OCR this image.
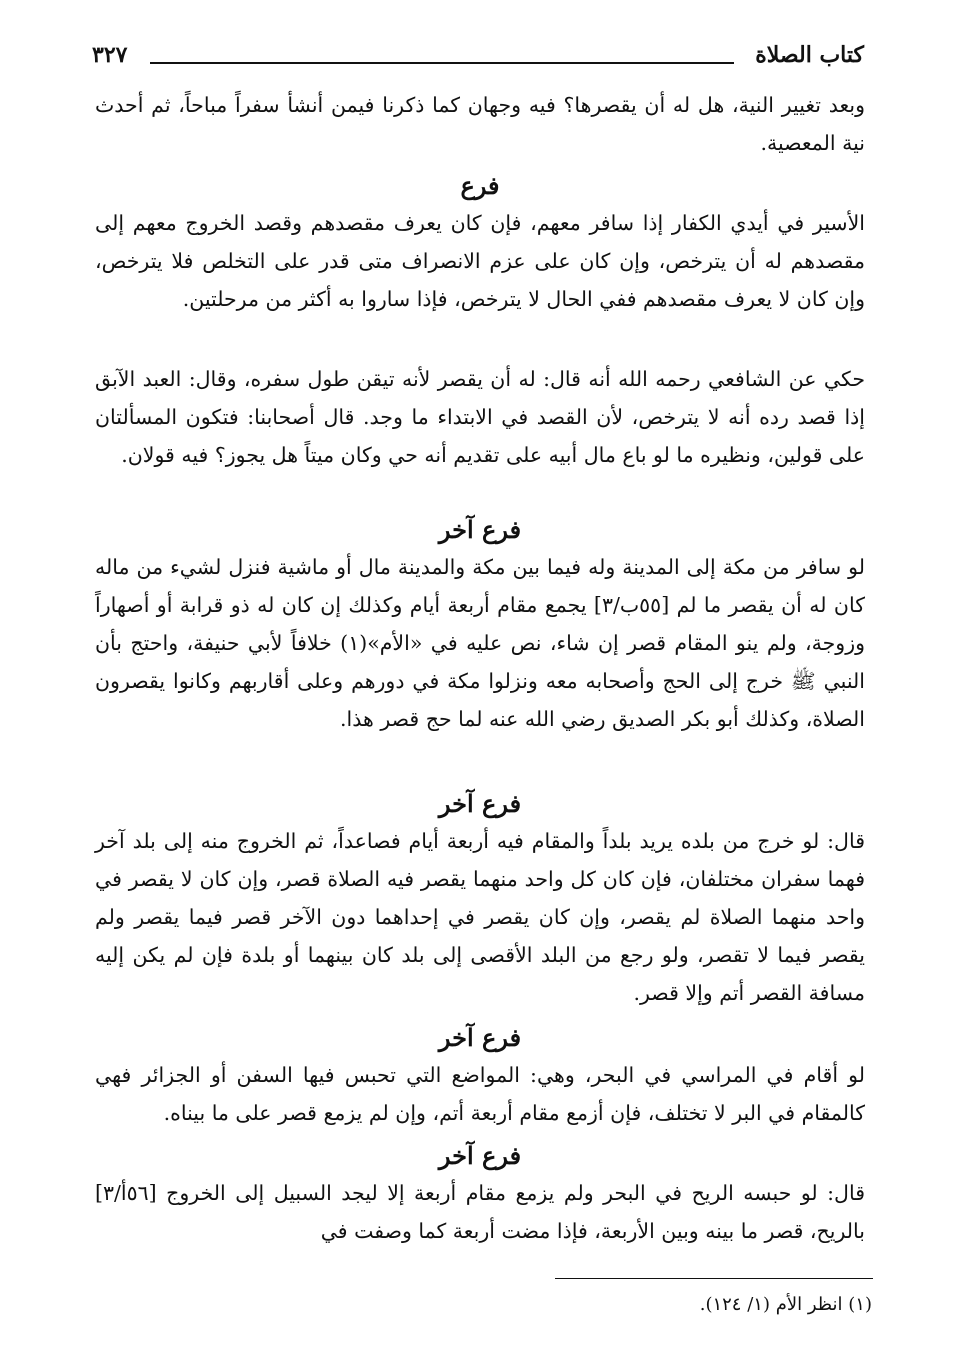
كتاب الصلاة
٣٢٧
وبعد تغيير النية، هل له أن يقصرها؟ فيه وجهان كما ذكرنا فيمن أنشأ سفراً مباحاً، ثم أحدث نية المعصية.
فرع
الأسير في أيدي الكفار إذا سافر معهم، فإن كان يعرف مقصدهم وقصد الخروج معهم إلى مقصدهم له أن يترخص، وإن كان على عزم الانصراف متى قدر على التخلص فلا يترخص، وإن كان لا يعرف مقصدهم ففي الحال لا يترخص، فإذا ساروا به أكثر من مرحلتين.
حكي عن الشافعي رحمه الله أنه قال: له أن يقصر لأنه تيقن طول سفره، وقال: العبد الآبق إذا قصد رده أنه لا يترخص، لأن القصد في الابتداء ما وجد. قال أصحابنا: فتكون المسألتان على قولين، ونظيره ما لو باع مال أبيه على تقديم أنه حي وكان ميتاً هل يجوز؟ فيه قولان.
فرع آخر
لو سافر من مكة إلى المدينة وله فيما بين مكة والمدينة مال أو ماشية فنزل لشيء من ماله كان له أن يقصر ما لم [٥٥ب/٣] يجمع مقام أربعة أيام وكذلك إن كان له ذو قرابة أو أصهاراً وزوجة، ولم ينو المقام قصر إن شاء، نص عليه في «الأم»(١) خلافاً لأبي حنيفة، واحتج بأن النبي ﷺ خرج إلى الحج وأصحابه معه ونزلوا مكة في دورهم وعلى أقاربهم وكانوا يقصرون الصلاة، وكذلك أبو بكر الصديق رضي الله عنه لما حج قصر هذا.
فرع آخر
قال: لو خرج من بلده يريد بلداً والمقام فيه أربعة أيام فصاعداً، ثم الخروج منه إلى بلد آخر فهما سفران مختلفان، فإن كان كل واحد منهما يقصر فيه الصلاة قصر، وإن كان لا يقصر في واحد منهما الصلاة لم يقصر، وإن كان يقصر في إحداهما دون الآخر قصر فيما يقصر ولم يقصر فيما لا تقصر، ولو رجع من البلد الأقصى إلى بلد كان بينهما أو بلدة فإن لم يكن إليه مسافة القصر أتم وإلا قصر.
فرع آخر
لو أقام في المراسي في البحر، وهي: المواضع التي تحبس فيها السفن أو الجزائر فهي كالمقام في البر لا تختلف، فإن أزمع مقام أربعة أتم، وإن لم يزمع قصر على ما بيناه.
فرع آخر
قال: لو حبسه الريح في البحر ولم يزمع مقام أربعة إلا ليجد السبيل إلى الخروج [٥٦أ/٣] بالريح، قصر ما بينه وبين الأربعة، فإذا مضت أربعة كما وصفت في
(١) انظر الأم (١/ ١٢٤).
